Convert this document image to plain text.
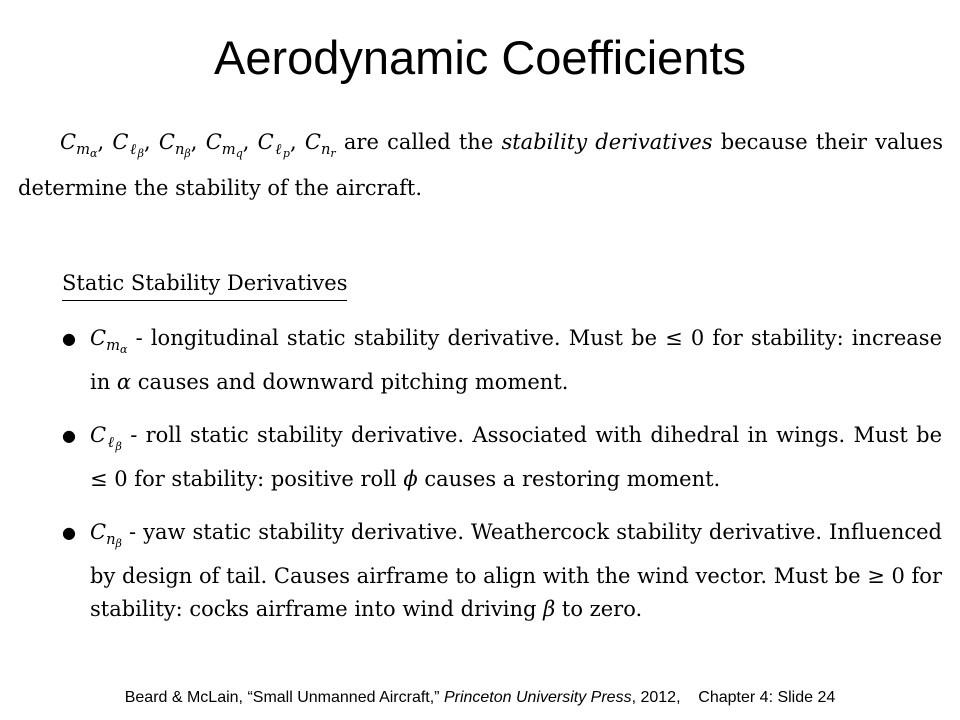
Aerodynamic Coefficients
$C_{m\alpha}$, $C_{\ell\beta}$, $C_{n\beta}$, $C_{mq}$, $C_{\ell p}$, $C_{nr}$ are called the stability derivatives because their values determine the stability of the aircraft.
Static Stability Derivatives
● $C_{m\alpha}$ - longitudinal static stability derivative. Must be ≤ 0 for stability: increase in α causes and downward pitching moment.
● $C_{\ell\beta}$ - roll static stability derivative. Associated with dihedral in wings. Must be ≤ 0 for stability: positive roll ϕ causes a restoring moment.
● $C_{n\beta}$ - yaw static stability derivative. Weathercock stability derivative. Influenced by design of tail. Causes airframe to align with the wind vector. Must be ≥ 0 for stability: cocks airframe into wind driving β to zero.
Beard & McLain, “Small Unmanned Aircraft,” Princeton University Press, 2012, Chapter 4: Slide 24
